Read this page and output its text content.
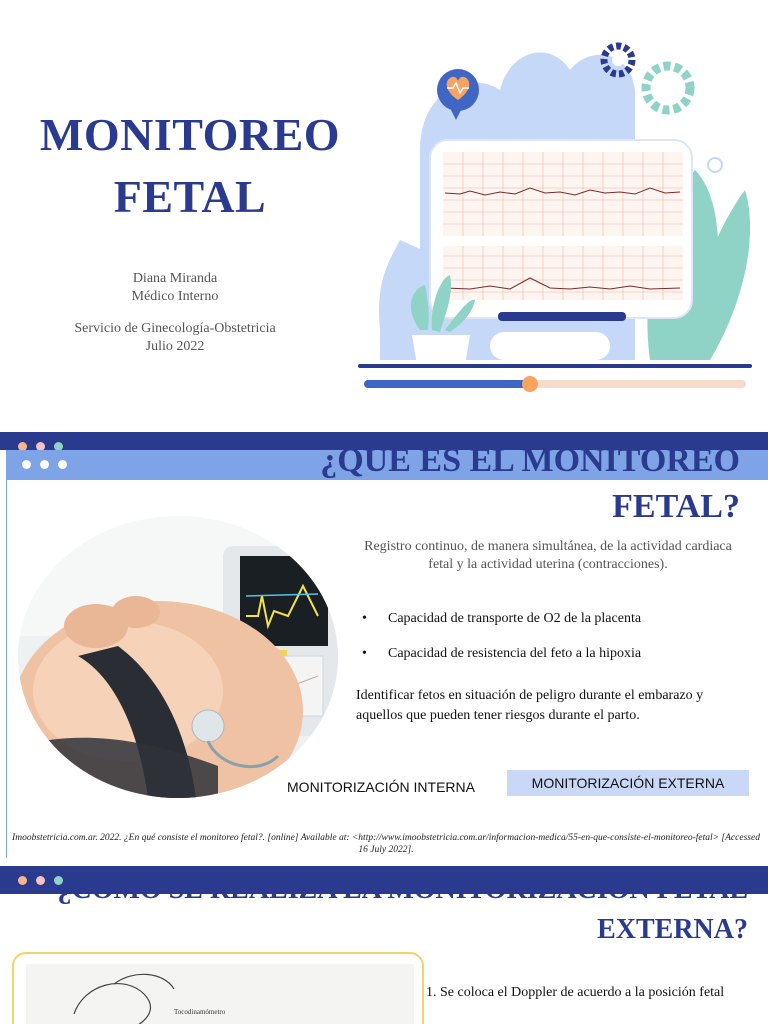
MONITOREO
FETAL
Diana Miranda
Médico Interno
Servicio de Ginecología-Obstetricia
Julio 2022
¿QUE ES EL MONITOREO
FETAL?

Registro continuo, de manera simultánea, de la actividad cardiaca fetal y la actividad uterina (contracciones).

• Capacidad de transporte de O2 de la placenta
• Capacidad de resistencia del feto a la hipoxia

Identificar fetos en situación de peligro durante el embarazo y aquellos que pueden tener riesgos durante el parto.

MONITORIZACIÓN INTERNA	MONITORIZACIÓN EXTERNA

Imoobstetricia.com.ar. 2022. ¿En qué consiste el monitoreo fetal?. [online] Available at: <http://www.imoobstetricia.com.ar/informacion-medica/55-en-que-consiste-el-monitoreo-fetal> [Accessed 16 July 2022].

¿COMO SE REALIZA LA MONITORIZACION FETAL
EXTERNA?
Tocodinamómetro

1. Se coloca el Doppler de acuerdo a la posición fetal
